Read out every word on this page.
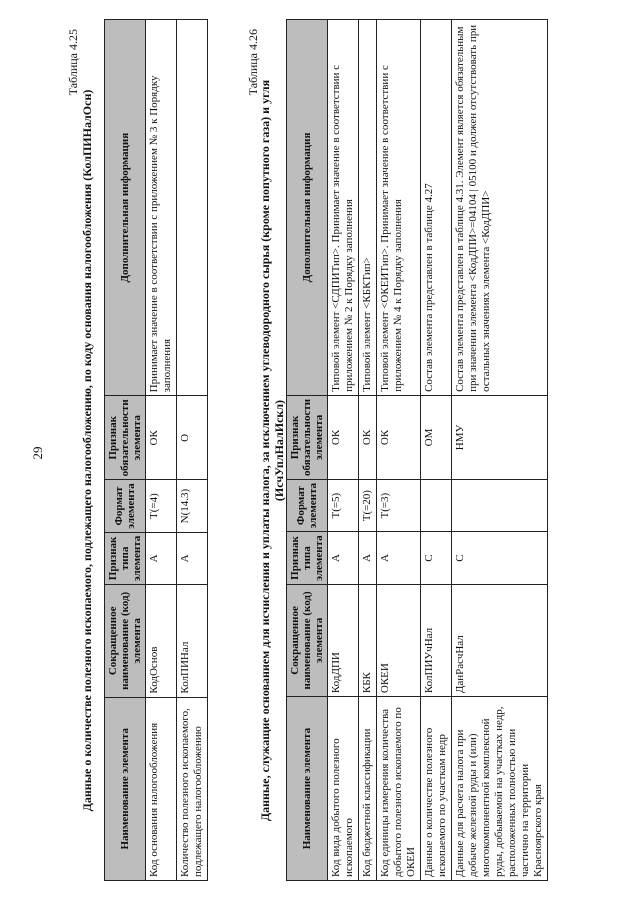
29
Таблица 4.25
Данные о количестве полезного ископаемого, подлежащего налогообложению, по коду основания налогообложения (КолПИНалОсн) Наименование элемента	Сокращенное наименование (код) элемента	Признак типа элемента	Формат элемента	Признак обязательности элемента	Дополнительная информация
Код основания налогообложения	КодОснов	А	Т(=4)	ОК	Принимает значение в соответствии с приложением № 3 к Порядку заполнения
Количество полезного ископаемого, подлежащего налогообложению	КолПИНал	А	N(14.3)	О	
Таблица 4.26
Данные, служащие основанием для исчисления и уплаты налога, за исключением углеводородного сырья (кроме попутного газа) и угля (ИсчУплНалИскл)
Наименование элемента	Сокращенное наименование (код) элемента	Признак типа элемента	Формат элемента	Признак обязательности элемента	Дополнительная информация
Код вида добытого полезного ископаемого	КодДПИ	А	Т(=5)	ОК	Типовой элемент <СДПИТип>. Принимает значение в соответствии с приложением № 2 к Порядку заполнения
Код бюджетной классификации	КБК	А	Т(=20)	ОК	Типовой элемент <КБКТип>
Код единицы измерения количества добытого полезного ископаемого по ОКЕИ	ОКЕИ	А	Т(=3)	ОК	Типовой элемент <ОКЕИТип>. Принимает значение в соответствии с приложением № 4 к Порядку заполнения
Данные о количестве полезного ископаемого по участкам недр	КолПИУчНал	С		ОМ	Состав элемента представлен в таблице 4.27
Данные для расчета налога при добыче железной руды и (или) многокомпонентной комплексной руды, добываемой на участках недр, расположенных полностью или частично на территории Красноярского края	ДанРасчНал	С		НМУ	Состав элемента представлен в таблице 4.31. Элемент является обязательным при значении элемента <КодДПИ>=04104 | 05100 и должен отсутствовать при остальных значениях элемента <КодДПИ>
